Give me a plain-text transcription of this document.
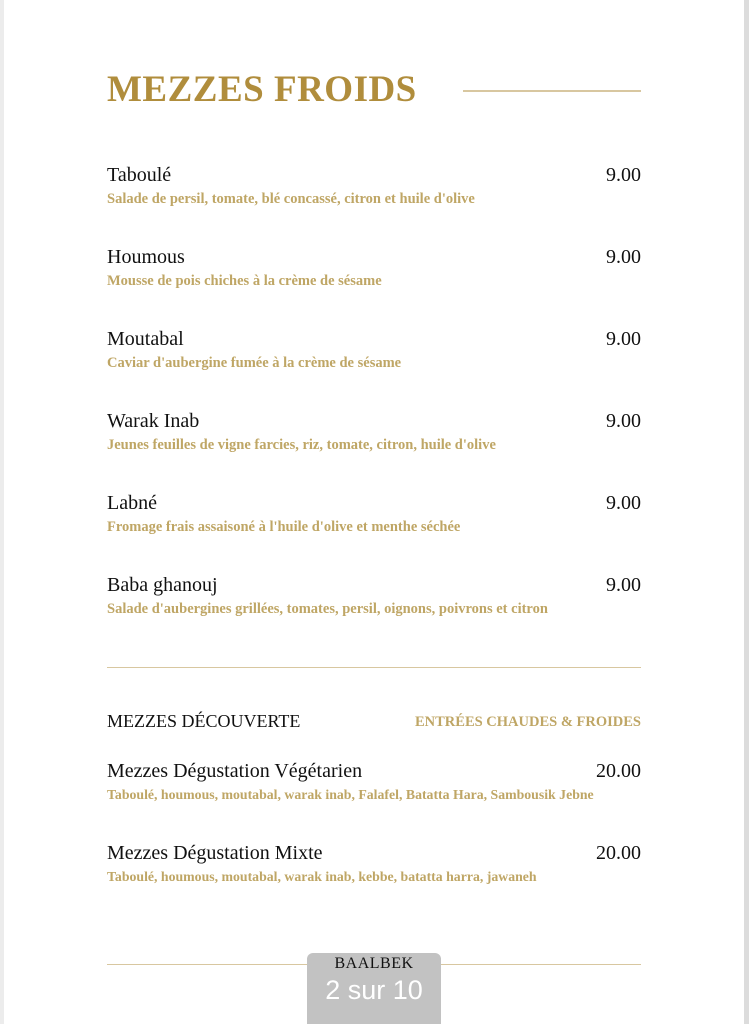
MEZZES FROIDS
Taboulé	9.00
Salade de persil, tomate, blé concassé, citron et huile d'olive
Houmous	9.00
Mousse de pois chiches à la crème de sésame
Moutabal	9.00
Caviar d'aubergine fumée à la crème de sésame
Warak Inab	9.00
Jeunes feuilles de vigne farcies, riz, tomate, citron, huile d'olive
Labné	9.00
Fromage frais assaisoné à l'huile d'olive et menthe séchée
Baba ghanouj	9.00
Salade d'aubergines grillées, tomates, persil, oignons, poivrons et citron
MEZZES DÉCOUVERTE	ENTRÉES CHAUDES & FROIDES
Mezzes Dégustation Végétarien	20.00
Taboulé, houmous, moutabal, warak inab, Falafel, Batatta Hara, Sambousik Jebne
Mezzes Dégustation Mixte	20.00
Taboulé, houmous, moutabal, warak inab, kebbe, batatta harra, jawaneh
BAALBEK
2 sur 10
